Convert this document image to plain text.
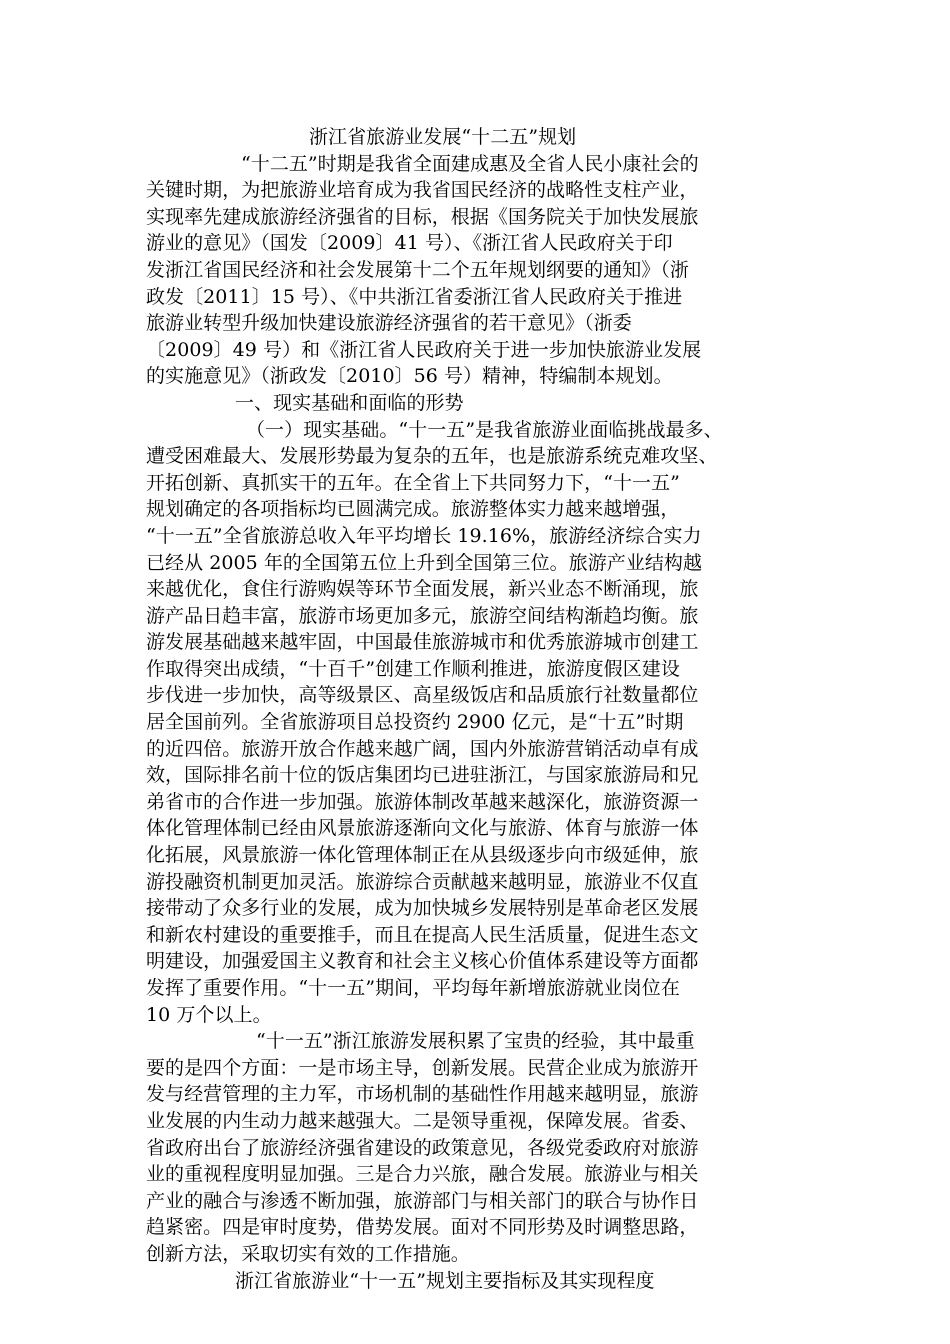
浙江省旅游业发展“十二五”规划
“十二五”时期是我省全面建成惠及全省人民小康社会的
关键时期，为把旅游业培育成为我省国民经济的战略性支柱产业，
实现率先建成旅游经济强省的目标，根据《国务院关于加快发展旅
游业的意见》（国发〔2009〕41 号）、《浙江省人民政府关于印
发浙江省国民经济和社会发展第十二个五年规划纲要的通知》（浙
政发〔2011〕15 号）、《中共浙江省委浙江省人民政府关于推进
旅游业转型升级加快建设旅游经济强省的若干意见》（浙委
〔2009〕49 号）和《浙江省人民政府关于进一步加快旅游业发展
的实施意见》（浙政发〔2010〕56 号）精神，特编制本规划。
一、现实基础和面临的形势
（一）现实基础。“十一五”是我省旅游业面临挑战最多、
遭受困难最大、发展形势最为复杂的五年，也是旅游系统克难攻坚、
开拓创新、真抓实干的五年。在全省上下共同努力下，“十一五”
规划确定的各项指标均已圆满完成。旅游整体实力越来越增强，
“十一五”全省旅游总收入年平均增长 19.16%，旅游经济综合实力
已经从 2005 年的全国第五位上升到全国第三位。旅游产业结构越
来越优化，食住行游购娱等环节全面发展，新兴业态不断涌现，旅
游产品日趋丰富，旅游市场更加多元，旅游空间结构渐趋均衡。旅
游发展基础越来越牢固，中国最佳旅游城市和优秀旅游城市创建工
作取得突出成绩，“十百千”创建工作顺利推进，旅游度假区建设
步伐进一步加快，高等级景区、高星级饭店和品质旅行社数量都位
居全国前列。全省旅游项目总投资约 2900 亿元，是“十五”时期
的近四倍。旅游开放合作越来越广阔，国内外旅游营销活动卓有成
效，国际排名前十位的饭店集团均已进驻浙江，与国家旅游局和兄
弟省市的合作进一步加强。旅游体制改革越来越深化，旅游资源一
体化管理体制已经由风景旅游逐渐向文化与旅游、体育与旅游一体
化拓展，风景旅游一体化管理体制正在从县级逐步向市级延伸，旅
游投融资机制更加灵活。旅游综合贡献越来越明显，旅游业不仅直
接带动了众多行业的发展，成为加快城乡发展特别是革命老区发展
和新农村建设的重要推手，而且在提高人民生活质量，促进生态文
明建设，加强爱国主义教育和社会主义核心价值体系建设等方面都
发挥了重要作用。“十一五”期间，平均每年新增旅游就业岗位在
10 万个以上。
“十一五”浙江旅游发展积累了宝贵的经验，其中最重
要的是四个方面：一是市场主导，创新发展。民营企业成为旅游开
发与经营管理的主力军，市场机制的基础性作用越来越明显，旅游
业发展的内生动力越来越强大。二是领导重视，保障发展。省委、
省政府出台了旅游经济强省建设的政策意见，各级党委政府对旅游
业的重视程度明显加强。三是合力兴旅，融合发展。旅游业与相关
产业的融合与渗透不断加强，旅游部门与相关部门的联合与协作日
趋紧密。四是审时度势，借势发展。面对不同形势及时调整思路，
创新方法，采取切实有效的工作措施。
浙江省旅游业“十一五”规划主要指标及其实现程度
